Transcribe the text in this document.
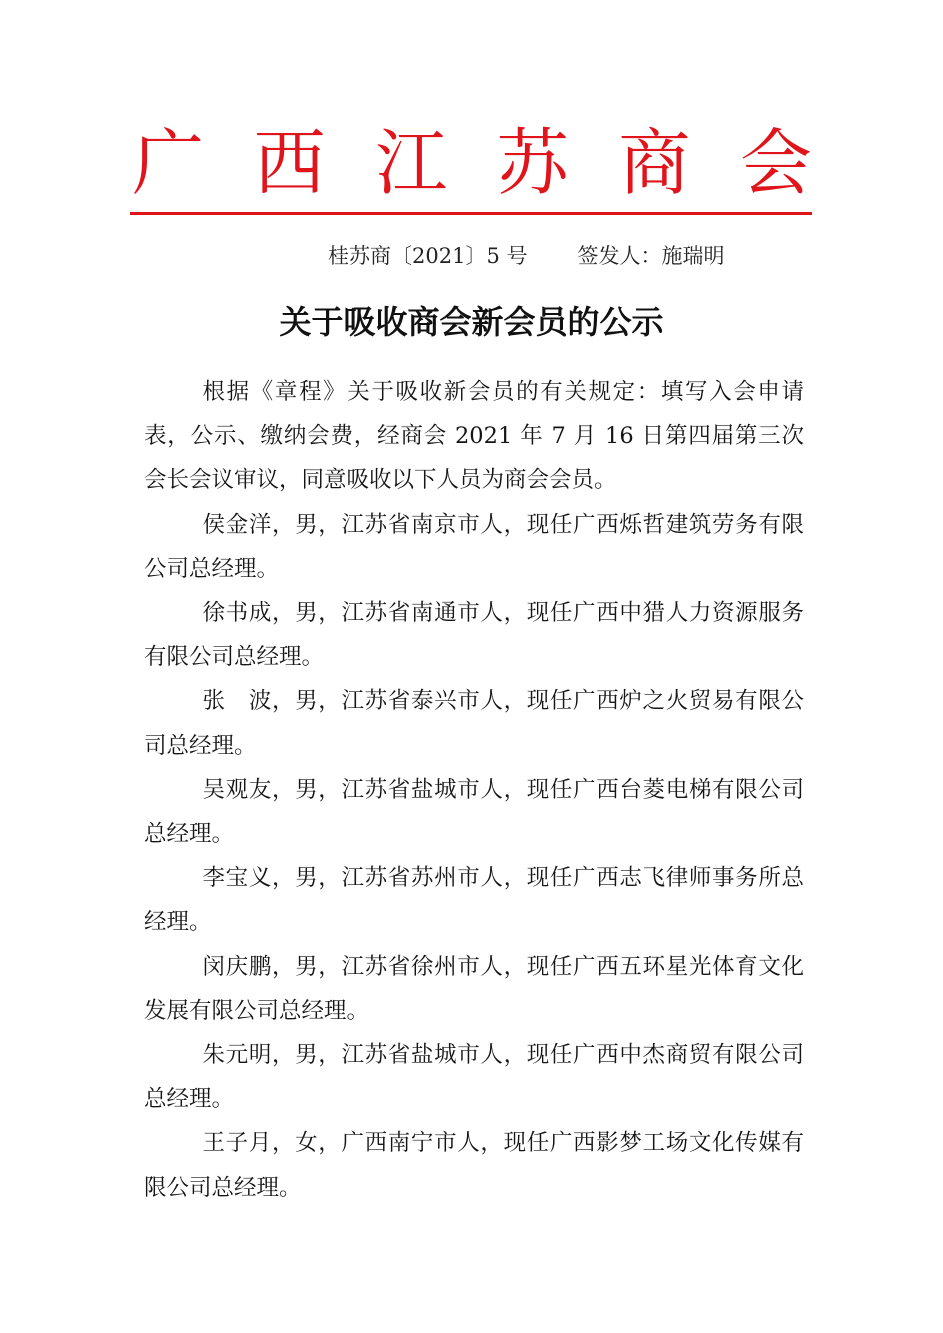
广 西 江 苏 商 会
桂苏商〔2021〕5 号 签发人：施瑞明
关于吸收商会新会员的公示

根据《章程》关于吸收新会员的有关规定：填写入会申请表，公示、缴纳会费，经商会 2021 年 7 月 16 日第四届第三次会长会议审议，同意吸收以下人员为商会会员。

侯金洋，男，江苏省南京市人，现任广西烁哲建筑劳务有限公司总经理。

徐书成，男，江苏省南通市人，现任广西中猎人力资源服务有限公司总经理。

张　波，男，江苏省泰兴市人，现任广西炉之火贸易有限公司总经理。

吴观友，男，江苏省盐城市人，现任广西台菱电梯有限公司总经理。

李宝义，男，江苏省苏州市人，现任广西志飞律师事务所总经理。

闵庆鹏，男，江苏省徐州市人，现任广西五环星光体育文化发展有限公司总经理。

朱元明，男，江苏省盐城市人，现任广西中杰商贸有限公司总经理。

王子月，女，广西南宁市人，现任广西影梦工场文化传媒有限公司总经理。
